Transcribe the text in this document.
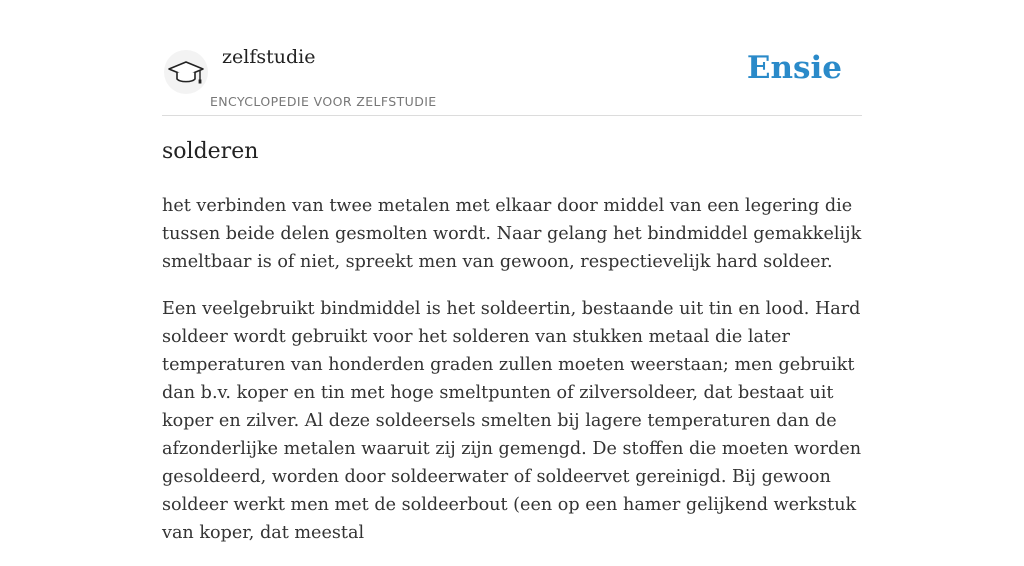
zelfstudie
ENCYCLOPEDIE VOOR ZELFSTUDIE
Ensie
solderen

het verbinden van twee metalen met elkaar door middel van een legering die tussen beide delen gesmolten wordt. Naar gelang het bindmiddel gemakkelijk smeltbaar is of niet, spreekt men van gewoon, respectievelijk hard soldeer.

Een veelgebruikt bindmiddel is het soldeertin, bestaande uit tin en lood. Hard soldeer wordt gebruikt voor het solderen van stukken metaal die later temperaturen van honderden graden zullen moeten weerstaan; men gebruikt dan b.v. koper en tin met hoge smeltpunten of zilversoldeer, dat bestaat uit koper en zilver. Al deze soldeersels smelten bij lagere temperaturen dan de afzonderlijke metalen waaruit zij zijn gemengd. De stoffen die moeten worden gesoldeerd, worden door soldeerwater of soldeervet gereinigd. Bij gewoon soldeer werkt men met de soldeerbout (een op een hamer gelijkend werkstuk van koper, dat meestal
